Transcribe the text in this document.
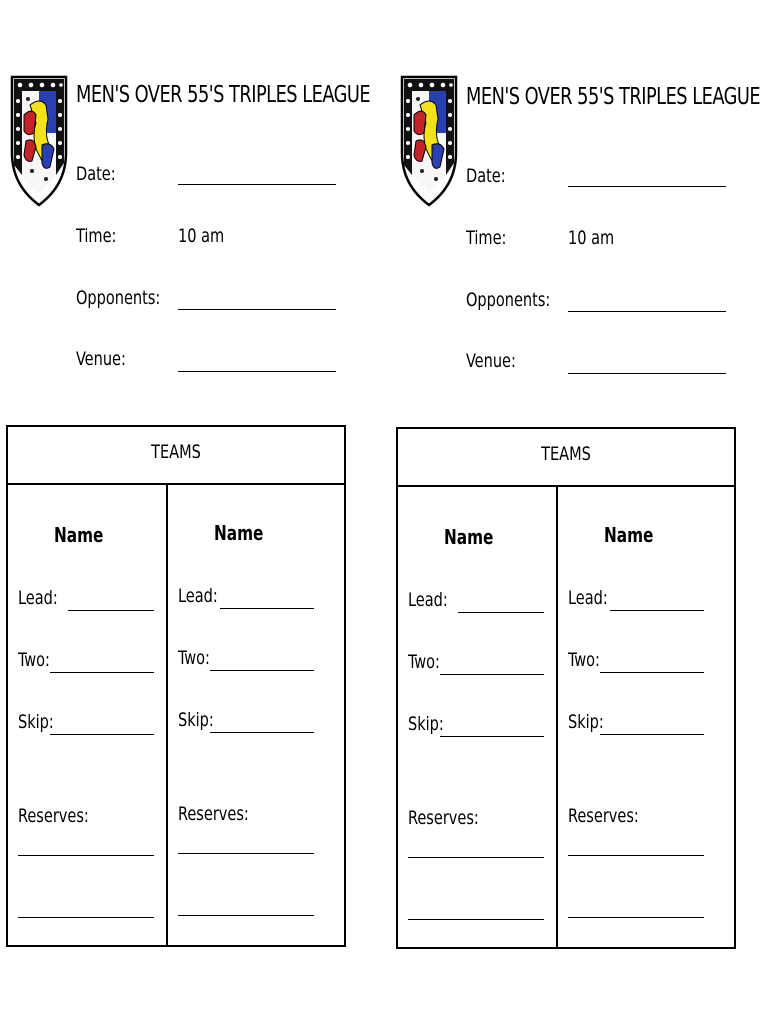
MEN'S OVER 55'S TRIPLES LEAGUE
Date:
Time:	10 am
Opponents:
Venue:
TEAMS
Name
Lead:
Two:
Skip:
Reserves:
Name
Lead:
Two:
Skip:
Reserves:
MEN'S OVER 55'S TRIPLES LEAGUE
Date:
Time:	10 am
Opponents:
Venue:
TEAMS
Name
Lead:
Two:
Skip:
Reserves:
Name
Lead:
Two:
Skip:
Reserves:
